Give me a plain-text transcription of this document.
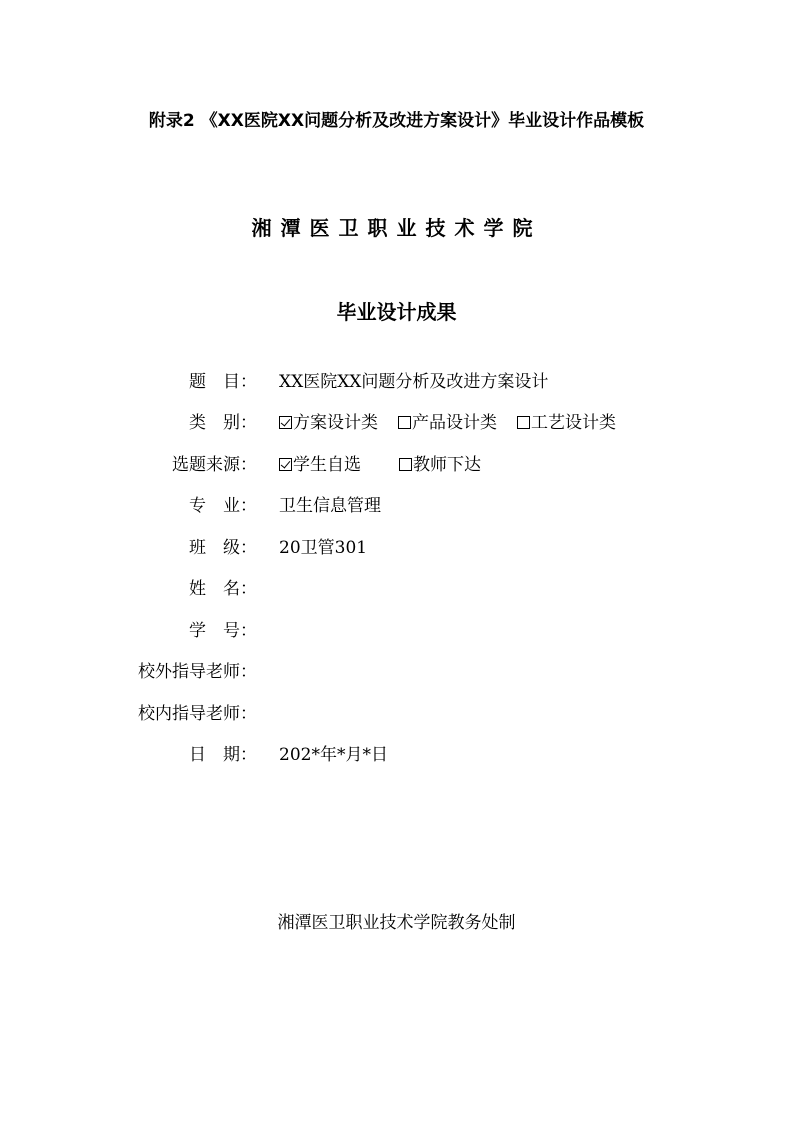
附录2 《XX医院XX问题分析及改进方案设计》毕业设计作品模板
湘潭医卫职业技术学院
毕业设计成果
题　目： XX医院XX问题分析及改进方案设计
类　别：	方案设计类 产品设计类 工艺设计类
选题来源：	学生自选	教师下达
专　业： 卫生信息管理
班　级： 20卫管301
姓　名：
学　号：
校外指导老师：
校内指导老师：
日　期： 202*年*月*日
湘潭医卫职业技术学院教务处制
